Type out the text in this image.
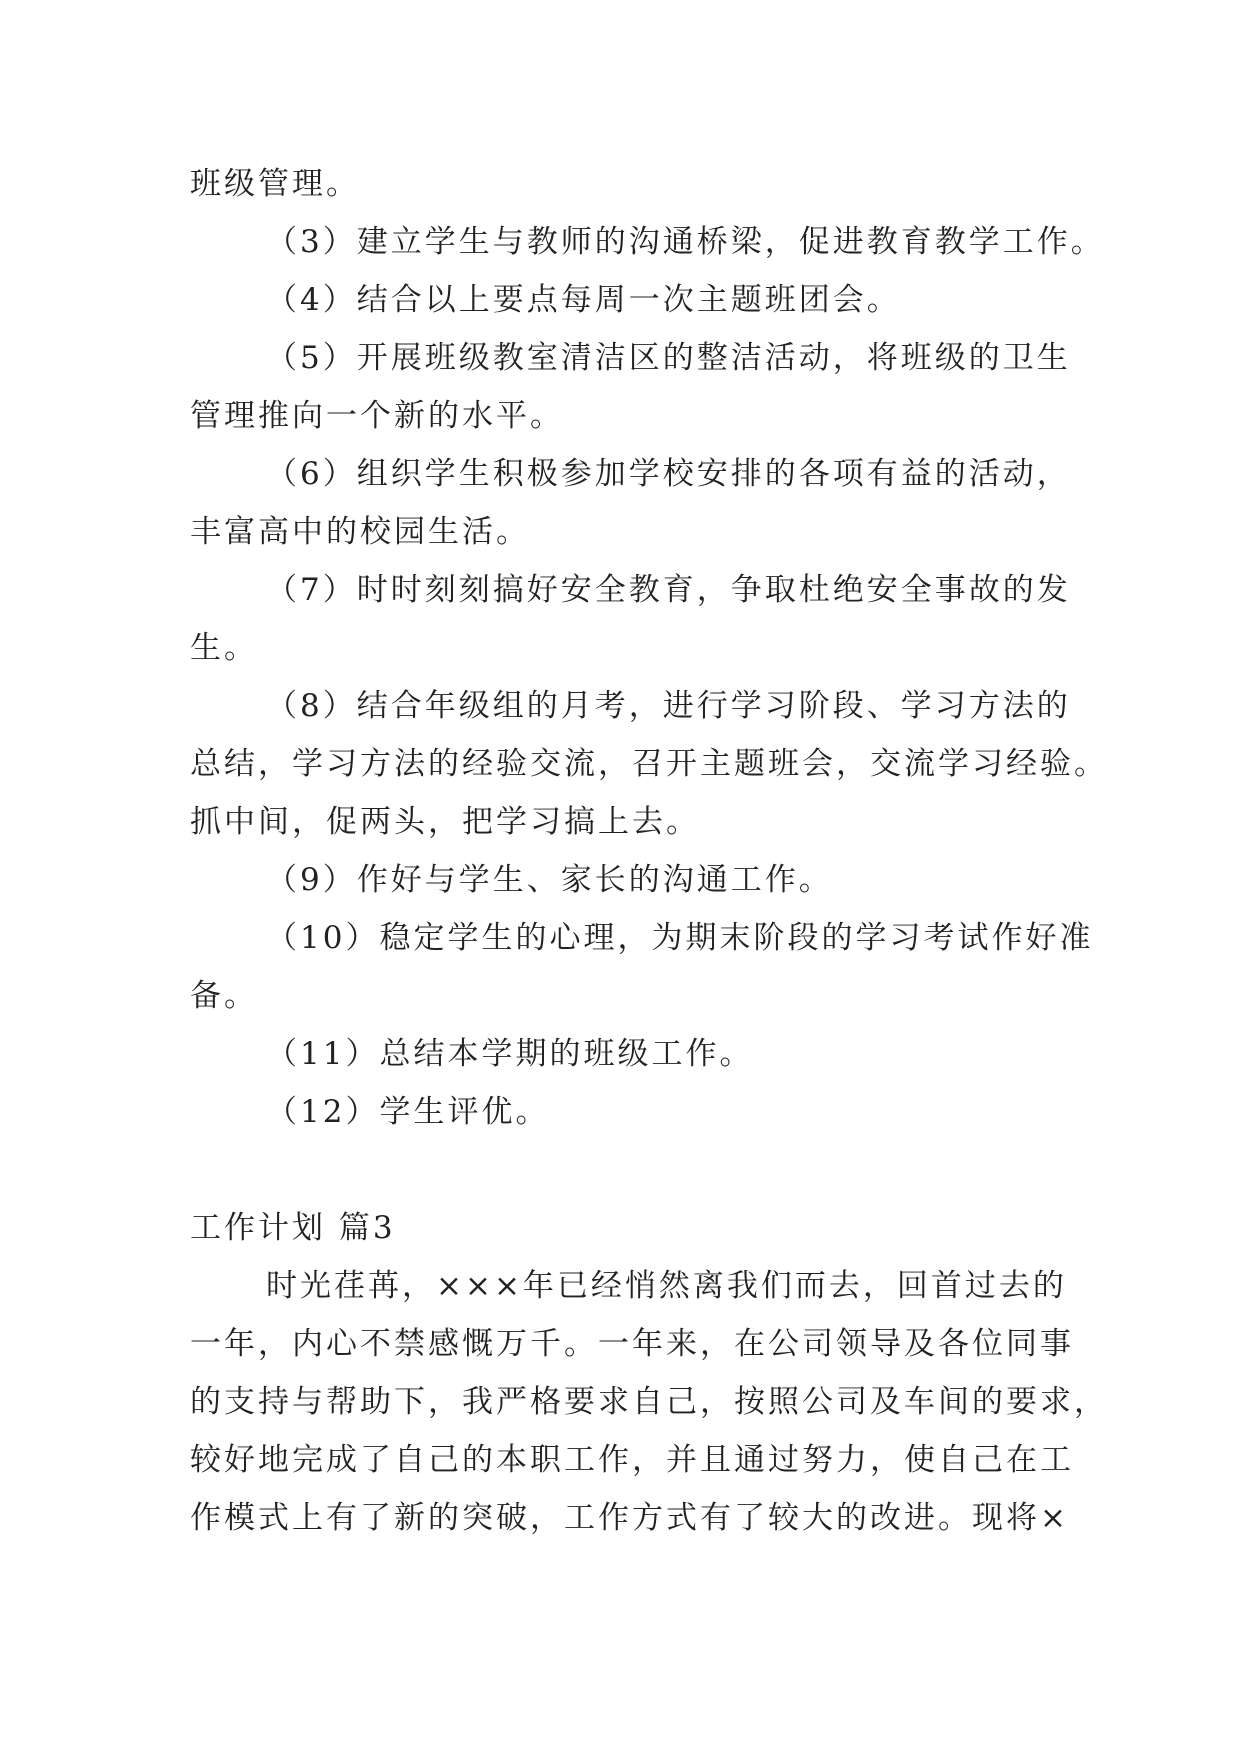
班级管理。
（3）建立学生与教师的沟通桥梁，促进教育教学工作。
（4）结合以上要点每周一次主题班团会。
（5）开展班级教室清洁区的整洁活动，将班级的卫生
管理推向一个新的水平。
（6）组织学生积极参加学校安排的各项有益的活动，
丰富高中的校园生活。
（7）时时刻刻搞好安全教育，争取杜绝安全事故的发
生。
（8）结合年级组的月考，进行学习阶段、学习方法的
总结，学习方法的经验交流，召开主题班会，交流学习经验。
抓中间，促两头，把学习搞上去。
（9）作好与学生、家长的沟通工作。
（10）稳定学生的心理，为期末阶段的学习考试作好准
备。
（11）总结本学期的班级工作。
（12）学生评优。
工作计划 篇3
时光荏苒，×××年已经悄然离我们而去，回首过去的
一年，内心不禁感慨万千。一年来，在公司领导及各位同事
的支持与帮助下，我严格要求自己，按照公司及车间的要求，
较好地完成了自己的本职工作，并且通过努力，使自己在工
作模式上有了新的突破，工作方式有了较大的改进。现将×
